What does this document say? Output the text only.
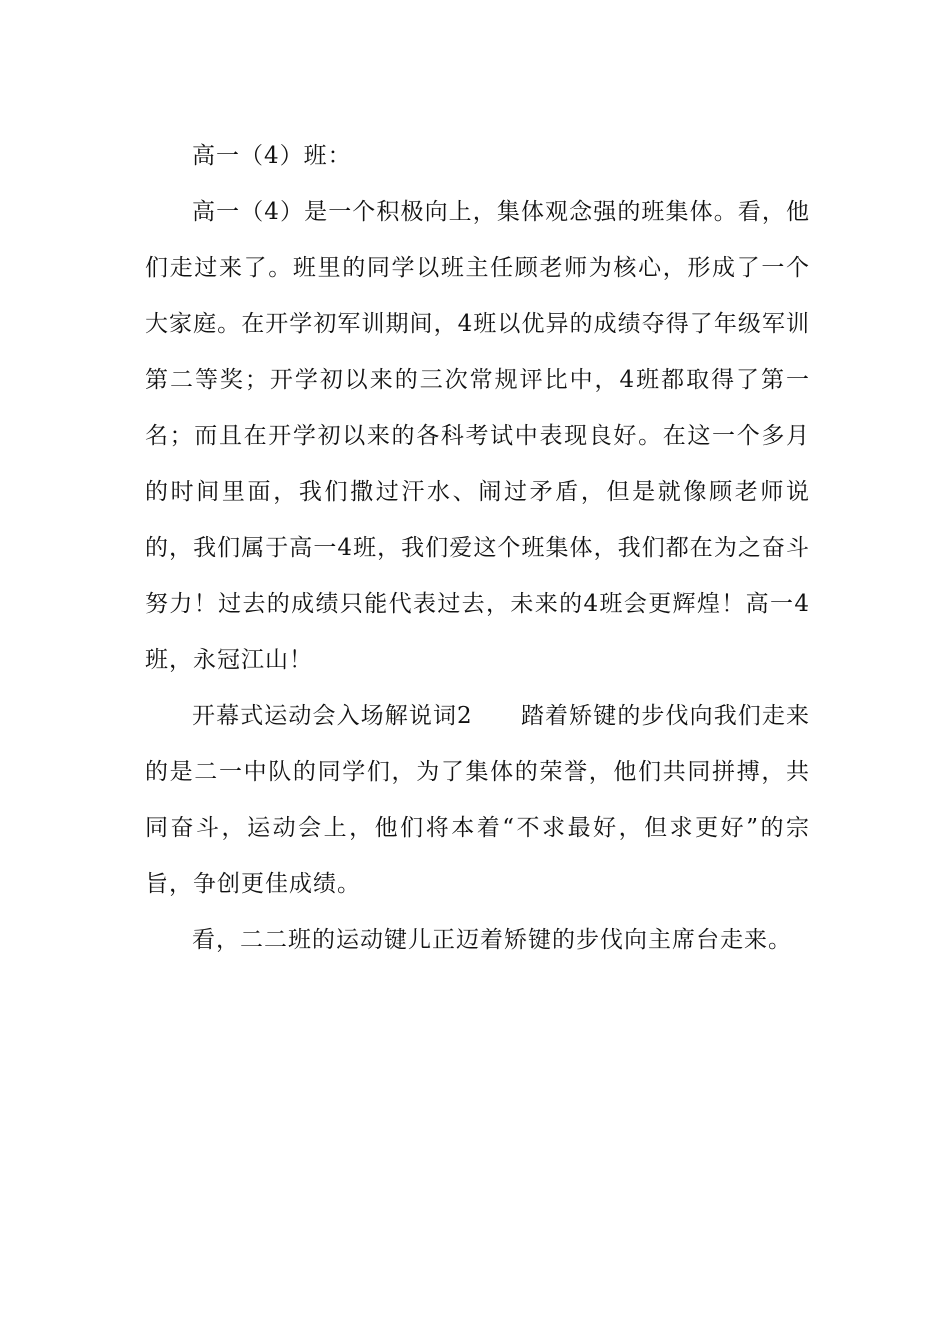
高一（4）班：

高一（4）是一个积极向上，集体观念强的班集体。看，他们走过来了。班里的同学以班主任顾老师为核心，形成了一个大家庭。在开学初军训期间，4班以优异的成绩夺得了年级军训第二等奖；开学初以来的三次常规评比中，4班都取得了第一名；而且在开学初以来的各科考试中表现良好。在这一个多月的时间里面，我们撒过汗水、闹过矛盾，但是就像顾老师说的，我们属于高一4班，我们爱这个班集体，我们都在为之奋斗努力！过去的成绩只能代表过去，未来的4班会更辉煌！高一4班，永冠江山！

开幕式运动会入场解说词2　　踏着矫键的步伐向我们走来的是二一中队的同学们，为了集体的荣誉，他们共同拼搏，共同奋斗，运动会上，他们将本着“不求最好，但求更好”的宗旨，争创更佳成绩。

看，二二班的运动键儿正迈着矫键的步伐向主席台走来。
